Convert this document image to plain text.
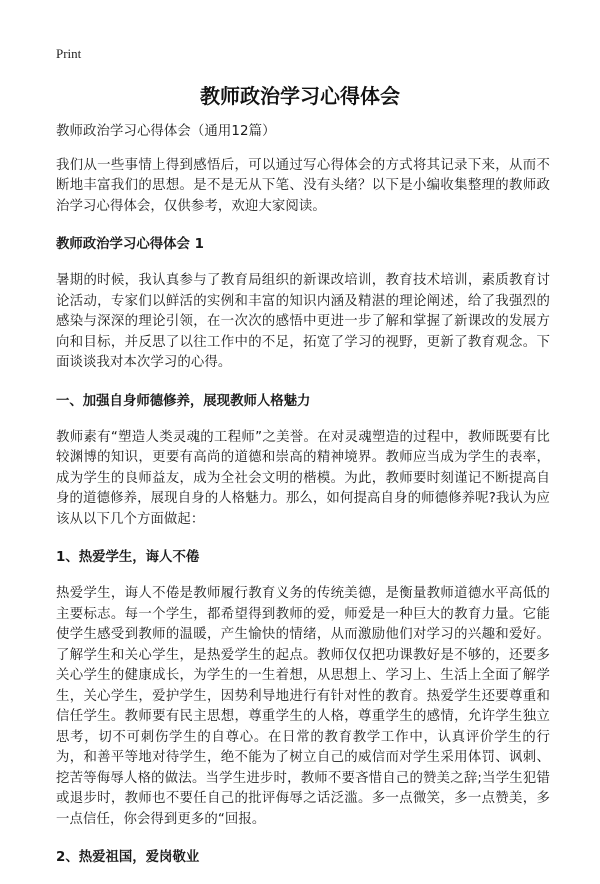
Print
教师政治学习心得体会

教师政治学习心得体会（通用12篇）

我们从一些事情上得到感悟后，可以通过写心得体会的方式将其记录下来，从而不断地丰富我们的思想。是不是无从下笔、没有头绪？以下是小编收集整理的教师政治学习心得体会，仅供参考，欢迎大家阅读。

教师政治学习心得体会 1

暑期的时候，我认真参与了教育局组织的新课改培训，教育技术培训，素质教育讨论活动，专家们以鲜活的实例和丰富的知识内涵及精湛的理论阐述，给了我强烈的感染与深深的理论引领，在一次次的感悟中更进一步了解和掌握了新课改的发展方向和目标，并反思了以往工作中的不足，拓宽了学习的视野，更新了教育观念。下面谈谈我对本次学习的心得。

一、加强自身师德修养，展现教师人格魅力

教师素有“塑造人类灵魂的工程师”之美誉。在对灵魂塑造的过程中，教师既要有比较渊博的知识，更要有高尚的道德和崇高的精神境界。教师应当成为学生的表率，成为学生的良师益友，成为全社会文明的楷模。为此，教师要时刻谨记不断提高自身的道德修养，展现自身的人格魅力。那么，如何提高自身的师德修养呢?我认为应该从以下几个方面做起：

1、热爱学生，诲人不倦

热爱学生，诲人不倦是教师履行教育义务的传统美德，是衡量教师道德水平高低的主要标志。每一个学生，都希望得到教师的爱，师爱是一种巨大的教育力量。它能使学生感受到教师的温暖，产生愉快的情绪，从而激励他们对学习的兴趣和爱好。了解学生和关心学生，是热爱学生的起点。教师仅仅把功课教好是不够的，还要多关心学生的健康成长，为学生的一生着想，从思想上、学习上、生活上全面了解学生，关心学生，爱护学生，因势利导地进行有针对性的教育。热爱学生还要尊重和信任学生。教师要有民主思想，尊重学生的人格，尊重学生的感情，允许学生独立思考，切不可刺伤学生的自尊心。在日常的教育教学工作中，认真评价学生的行为，和善平等地对待学生，绝不能为了树立自己的威信而对学生采用体罚、讽刺、挖苦等侮辱人格的做法。当学生进步时，教师不要吝惜自己的赞美之辞;当学生犯错或退步时，教师也不要任自己的批评侮辱之话泛滥。多一点微笑，多一点赞美，多一点信任，你会得到更多的“回报。

2、热爱祖国，爱岗敬业
